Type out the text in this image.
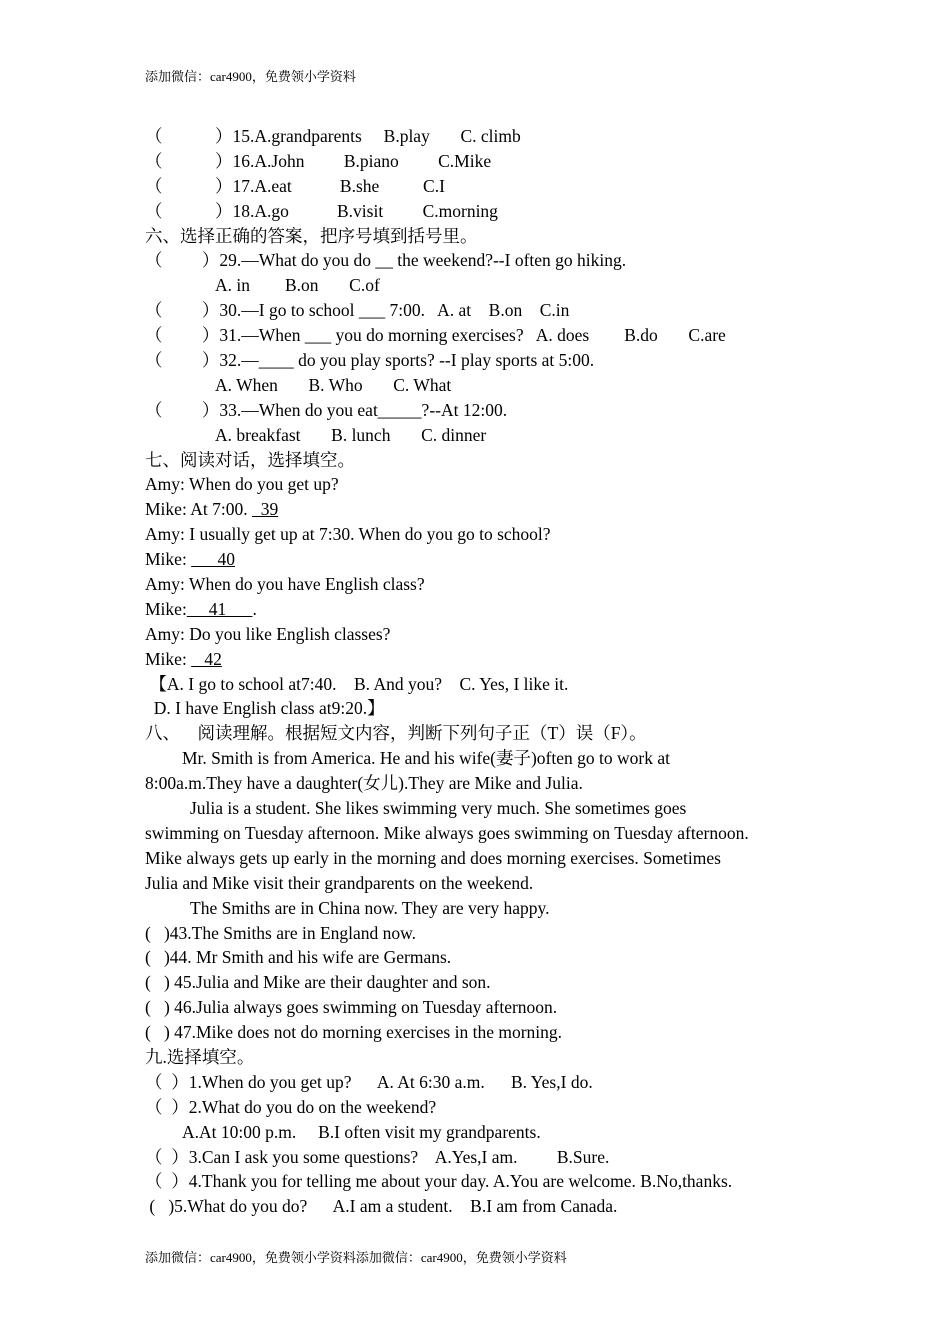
添加微信：car4900，免费领小学资料
（            ）15.A.grandparents     B.play       C. climb
（            ）16.A.John         B.piano         C.Mike
（            ）17.A.eat           B.she          C.I
（            ）18.A.go           B.visit         C.morning
六、选择正确的答案，把序号填到括号里。
（         ）29.—What do you do __ the weekend?--I often go hiking.
A. in        B.on       C.of
（         ）30.—I go to school ___ 7:00.   A. at    B.on    C.in
（         ）31.—When ___ you do morning exercises?   A. does        B.do       C.are
（         ）32.—____ do you play sports? --I play sports at 5:00.
A. When       B. Who       C. What
（         ）33.—When do you eat_____?--At 12:00.
A. breakfast       B. lunch       C. dinner
七、阅读对话，选择填空。
Amy: When do you get up?
Mike: At 7:00.   39
Amy: I usually get up at 7:30. When do you go to school?
Mike:       40
Amy: When do you have English class?
Mike:     41      .
Amy: Do you like English classes?
Mike:    42
【A. I go to school at7:40.    B. And you?    C. Yes, I like it.
D. I have English class at9:20.】
八、    阅读理解。根据短文内容，判断下列句子正（T）误（F）。
Mr. Smith is from America. He and his wife(妻子)often go to work at
8:00a.m.They have a daughter(女儿).They are Mike and Julia.
Julia is a student. She likes swimming very much. She sometimes goes
swimming on Tuesday afternoon. Mike always goes swimming on Tuesday afternoon.
Mike always gets up early in the morning and does morning exercises. Sometimes
Julia and Mike visit their grandparents on the weekend.
The Smiths are in China now. They are very happy.
(   )43.The Smiths are in England now.
(   )44. Mr Smith and his wife are Germans.
(   ) 45.Julia and Mike are their daughter and son.
(   ) 46.Julia always goes swimming on Tuesday afternoon.
(   ) 47.Mike does not do morning exercises in the morning.
九.选择填空。
（  ）1.When do you get up?      A. At 6:30 a.m.      B. Yes,I do.
（  ）2.What do you do on the weekend?
A.At 10:00 p.m.     B.I often visit my grandparents.
（  ）3.Can I ask you some questions?    A.Yes,I am.         B.Sure.
（  ）4.Thank you for telling me about your day. A.You are welcome. B.No,thanks.
(   )5.What do you do?      A.I am a student.    B.I am from Canada.
添加微信：car4900，免费领小学资料添加微信：car4900，免费领小学资料
